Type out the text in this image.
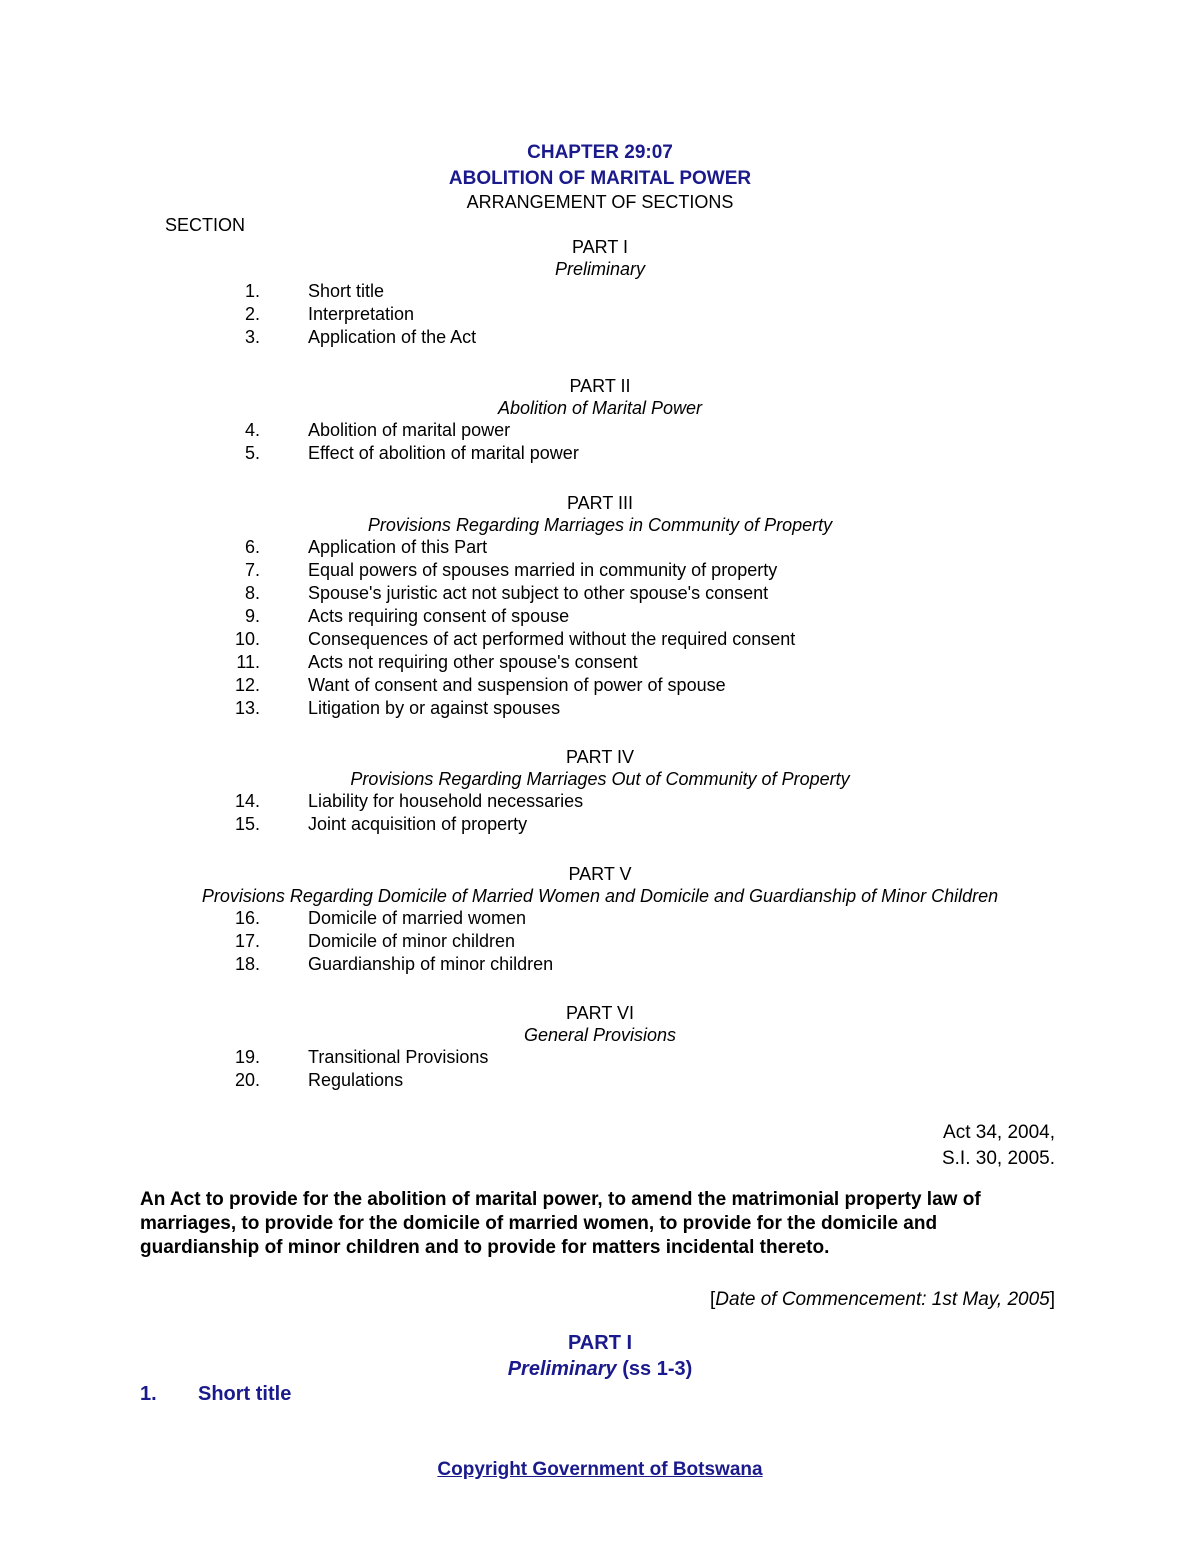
CHAPTER 29:07
ABOLITION OF MARITAL POWER
ARRANGEMENT OF SECTIONS
SECTION
PART I
Preliminary
1.	Short title
2.	Interpretation
3.	Application of the Act
PART II
Abolition of Marital Power
4.	Abolition of marital power
5.	Effect of abolition of marital power
PART III
Provisions Regarding Marriages in Community of Property
6.	Application of this Part
7.	Equal powers of spouses married in community of property
8.	Spouse's juristic act not subject to other spouse's consent
9.	Acts requiring consent of spouse
10.	Consequences of act performed without the required consent
11.	Acts not requiring other spouse's consent
12.	Want of consent and suspension of power of spouse
13.	Litigation by or against spouses
PART IV
Provisions Regarding Marriages Out of Community of Property
14.	Liability for household necessaries
15.	Joint acquisition of property
PART V
Provisions Regarding Domicile of Married Women and Domicile and Guardianship of Minor Children
16.	Domicile of married women
17.	Domicile of minor children
18.	Guardianship of minor children
PART VI
General Provisions
19.	Transitional Provisions
20.	Regulations
Act 34, 2004,
S.I. 30, 2005.
An Act to provide for the abolition of marital power, to amend the matrimonial property law of marriages, to provide for the domicile of married women, to provide for the domicile and guardianship of minor children and to provide for matters incidental thereto.
[Date of Commencement: 1st May, 2005]
PART I
Preliminary (ss 1-3)
1. Short title
Copyright Government of Botswana
